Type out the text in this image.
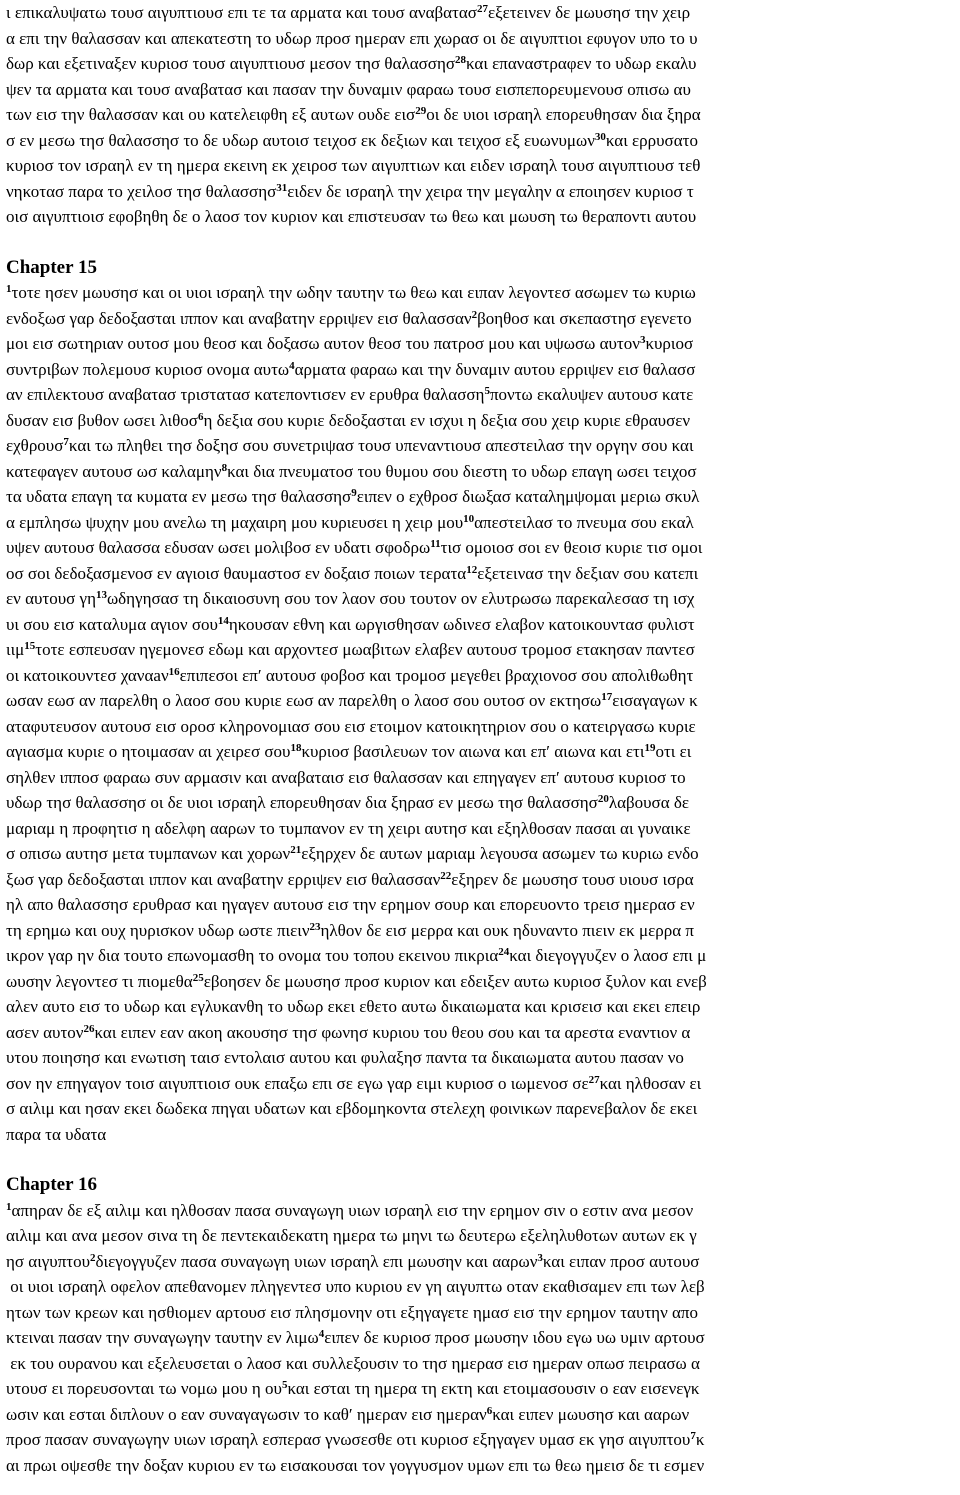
ι επικαλυψατω τουσ αιγυπτιουσ επι τε τα αρματα και τουσ αναβατασ$^{27}$εξετεινεν δε μωυσησ την χειρ
α επι την θαλασσαν και απεκατεστη το υδωρ προσ ημεραν επι χωρασ οι δε αιγυπτιοι εφυγον υπο το υ
δωρ και εξετιναξεν κυριοσ τουσ αιγυπτιουσ μεσον τησ θαλασσησ$^{28}$και επαναστραφεν το υδωρ εκαλυ
ψεν τα αρματα και τουσ αναβατασ και πασαν την δυναμιν φαραω τουσ εισπεπορευμενουσ οπισω αυ
των εισ την θαλασσαν και ου κατελειφθη εξ αυτων ουδε εισ$^{29}$οι δε υιοι ισραηλ επορευθησαν δια ξηρα
σ εν μεσω τησ θαλασσησ το δε υδωρ αυτοισ τειχοσ εκ δεξιων και τειχοσ εξ ευωνυμων$^{30}$και ερρυσατο
κυριοσ τον ισραηλ εν τη ημερα εκεινη εκ χειροσ των αιγυπτιων και ειδεν ισραηλ τουσ αιγυπτιουσ τεθ
νηκοτασ παρα το χειλοσ τησ θαλασσησ$^{31}$ειδεν δε ισραηλ την χειρα την μεγαλην α εποιησεν κυριοσ τ
οισ αιγυπτιοισ εφοβηθη δε ο λαοσ τον κυριον και επιστευσαν τω θεω και μωυση τω θεραποντι αυτου
Chapter 15
$^1$τοτε ησεν μωυσησ και οι υιοι ισραηλ την ωδην ταυτην τω θεω και ειπαν λεγοντεσ ασωμεν τω κυριω
ενδοξωσ γαρ δεδοξασται ιππον και αναβατην ερριψεν εισ θαλασσαν$^2$βοηθοσ και σκεπαστησ εγενετο
μοι εισ σωτηριαν ουτοσ μου θεοσ και δοξασω αυτον θεοσ του πατροσ μου και υψωσω αυτον$^3$κυριοσ
συντριβων πολεμουσ κυριοσ ονομα αυτω$^4$αρματα φαραω και την δυναμιν αυτου ερριψεν εισ θαλασσ
αν επιλεκτουσ αναβατασ τριστατασ κατεποντισεν εν ερυθρα θαλασση$^5$ποντω εκαλυψεν αυτουσ κατε
δυσαν εισ βυθον ωσει λιθοσ$^6$η δεξια σου κυριε δεδοξασται εν ισχυι η δεξια σου χειρ κυριε εθραυσεν
εχθρουσ$^7$και τω πληθει τησ δοξησ σου συνετριψασ τουσ υπεναντιουσ απεστειλασ την οργην σου και
κατεφαγεν αυτουσ ωσ καλαμην$^8$και δια πνευματοσ του θυμου σου διεστη το υδωρ επαγη ωσει τειχοσ
τα υδατα επαγη τα κυματα εν μεσω τησ θαλασσησ$^9$ειπεν ο εχθροσ διωξασ καταλημψομαι μεριω σκυλ
α εμπλησω ψυχην μου ανελω τη μαχαιρη μου κυριευσει η χειρ μου$^{10}$απεστειλασ το πνευμα σου εκαλ
υψεν αυτουσ θαλασσα εδυσαν ωσει μολιβοσ εν υδατι σφοδρω$^{11}$τισ ομοιοσ σοι εν θεοισ κυριε τισ ομοι
οσ σοι δεδοξασμενοσ εν αγιοισ θαυμαστοσ εν δοξαισ ποιων τερατα$^{12}$εξετεινασ την δεξιαν σου κατεπι
εν αυτουσ $\gamma\eta^{13}\omega\delta\eta\gamma\eta\sigma\alpha\sigma$ τη δικαιοσυνη σου τον λαον σου τουτον ον ελυτρωσω παρεκαλεσασ τη ισχ
υι σου εισ καταλυμα αγιον σου$^{14}$ηκουσαν εθνη και ωργισθησαν ωδινεσ ελαβον κατοικουντασ φυλιστ
ιιμ$^{15}$τοτε εσπευσαν ηγεμονεσ εδωμ και αρχοντεσ μωαβιτων ελαβεν αυτουσ τρομοσ ετακησαν παντεσ
οι κατοικουντεσ χαναaν$^{16}$επιπεσοι επ′ αυτουσ φοβοσ και τρομοσ μεγεθει βραχιονοσ σου απολιθωθητ
ωσαν εωσ αν παρελθη ο λαοσ σου κυριε εωσ αν παρελθη ο λαοσ σου ουτοσ ον εκτησω$^{17}$εισαγαγων κ
αταφυτευσον αυτουσ εισ οροσ κληρονομιασ σου εισ ετοιμον κατοικητηριον σου ο κατειργασω κυριε
αγιασμα κυριε ο ητοιμασαν αι χειρεσ σου$^{18}$κυριοσ βασιλευων τον αιωνα και επ′ αιωνα και ετι$^{19}$οτι ει
σηλθεν ιπποσ φαραω συν αρμασιν και αναβαταισ εισ θαλασσαν και επηγαγεν επ′ αυτουσ κυριοσ το
υδωρ τησ θαλασσησ οι δε υιοι ισραηλ επορευθησαν δια ξηρασ εν μεσω τησ θαλασσησ$^{20}$λαβουσα δε
μαριαμ η προφητισ η αδελφη ααρων το τυμπανον εν τη χειρι αυτησ και εξηλθοσαν πασαι αι γυναικε
σ οπισω αυτησ μετα τυμπανων και χορων$^{21}$εξηρχεν δε αυτων μαριαμ λεγουσα ασωμεν τω κυριω ενδο
ξωσ γαρ δεδοξασται ιππον και αναβατην ερριψεν εισ θαλασσαν$^{22}$εξηρεν δε μωυσησ τουσ υιουσ ισρα
ηλ απο θαλασσησ ερυθρασ και ηγαγεν αυτουσ εισ την ερημον σουρ και επορευοντο τρεισ ημερασ εν
τη ερημω και ουχ ηυρισκον υδωρ ωστε πιειν$^{23}$ηλθον δε εισ μερρα και ουκ ηδυναντο πιειν εκ μερρα π
ικρον γαρ ην δια τουτο επωνομασθη το ονομα του τοπου εκεινου πικρια$^{24}$και διεγογγυζεν ο λαοσ επι μ
ωυσην λεγοντεσ τι πιομεθα$^{25}$εβοησεν δε μωυσησ προσ κυριον και εδειξεν αυτω κυριοσ ξυλον και ενεβ
αλεν αυτο εισ το υδωρ και εγλυκανθη το υδωρ εκει εθετο αυτω δικαιωματα και κρισεισ και εκει επειρ
ασεν αυτον$^{26}$και ειπεν εαν ακοη ακουσησ τησ φωνησ κυριου του θεου σου και τα αρεστα εναντιον α
υτου ποιησησ και ενωτιση ταισ εντολαισ αυτου και φυλαξησ παντα τα δικαιωματα αυτου πασαν νο
σον ην επηγαγον τοισ αιγυπτιοισ ουκ επαξω επι σε εγω γαρ ειμι κυριοσ ο ιωμενοσ $\sigma\varepsilon^{27}\kappa\alpha\iota$ ηλθοσαν ει
σ αιλιμ και ησαν εκει δωδεκα πηγαι υδατων και εβδομηκοντα στελεχη φοινικων παρενεβαλον δε εκει
παρα τα υδατα
Chapter 16
$^1$απηραν δε εξ αιλιμ και ηλθοσαν πασα συναγωγη υιων ισραηλ εισ την ερημον σιν ο εστιν ανα μεσον
αιλιμ και ανα μεσον σινα τη δε πεντεκαιδεκατη ημερα τω μηνι τω δευτερω εξεληλυθοτων αυτων εκ γ
ησ αιγυπτου$^2$διεγογγυζεν πασα συναγωγη υιων ισραηλ επι μωυσην και ααρων$^3$και ειπαν προσ αυτουσ
οι υιοι ισραηλ οφελον απεθανομεν πληγεντεσ υπο κυριου εν γη αιγυπτω οταν εκαθισαμεν επι των λεβ
ητων των κρεων και ησθιομεν αρτουσ εισ πλησμονην οτι εξηγαγετε ημασ εισ την ερημον ταυτην απο
κτειναι πασαν την συναγωγην ταυτην εν λιμω$^4$ειπεν δε κυριοσ προσ μωυσην ιδου εγω υω υμιν αρτουσ
εκ του ουρανου και εξελευσεται ο λαοσ και συλλεξουσιν το τησ ημερασ εισ ημεραν οπωσ πειρασω α
υτουσ ει πορευσονται τω νομω μου η $o\upsilon^5\kappa\alpha\iota$ εσται τη ημερα τη εκτη και ετοιμασουσιν ο εαν εισενεγκ
ωσιν και εσται διπλουν ο εαν συναγαγωσιν το καθ′ ημεραν εισ ημεραν$^6$και ειπεν μωυσησ και ααρων
προσ πασαν συναγωγην υιων ισραηλ εσπερασ γνωσεσθε οτι κυριοσ εξηγαγεν υμασ εκ γησ αιγυπτου$^7$κ
αι πρωι οψεσθε την δοξαν κυριου εν τω εισακουσαι τον γογγυσμον υμων επι τω θεω ημεισ δε τι εσμεν
